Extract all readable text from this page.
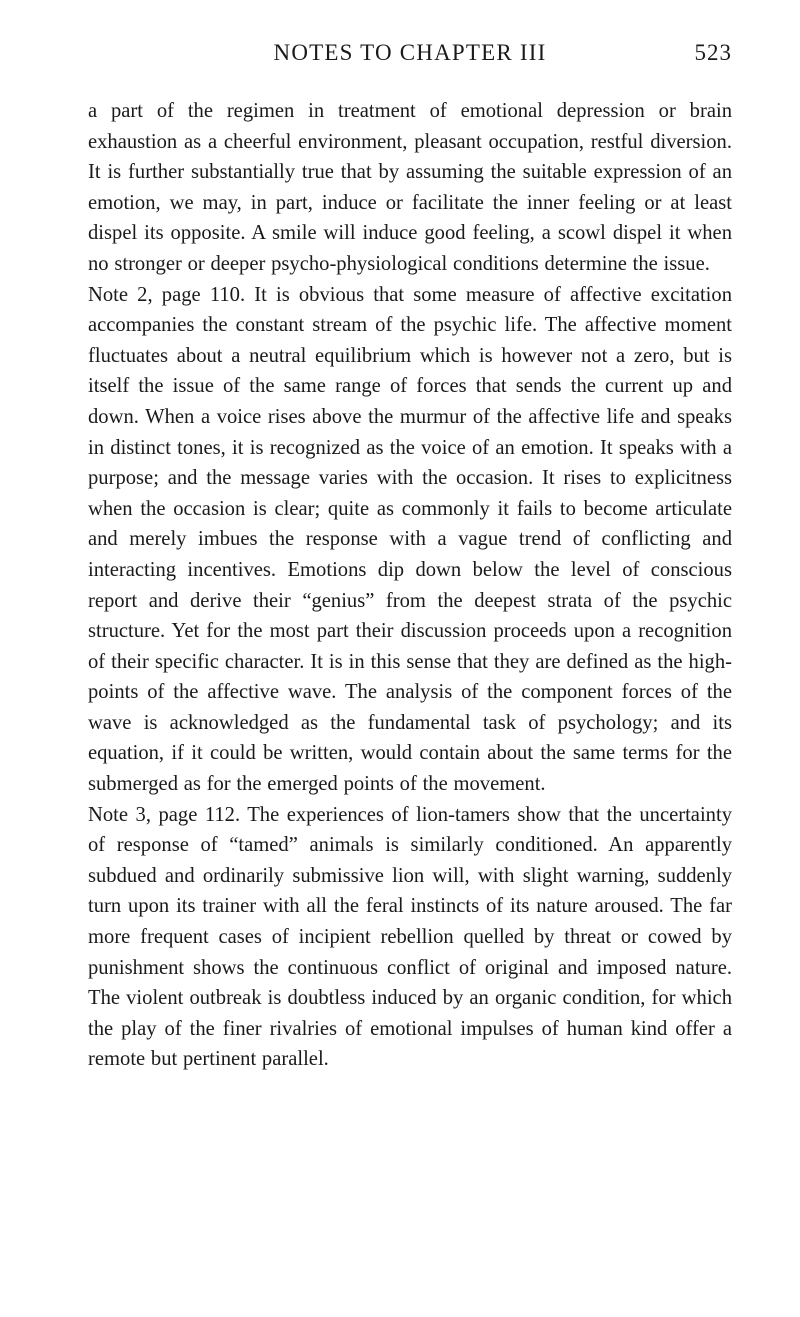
NOTES TO CHAPTER III	523

a part of the regimen in treatment of emotional depression or brain exhaustion as a cheerful environment, pleasant occupation, restful diversion. It is further substantially true that by assuming the suitable expression of an emotion, we may, in part, induce or facilitate the inner feeling or at least dispel its opposite. A smile will induce good feeling, a scowl dispel it when no stronger or deeper psycho-physiological conditions determine the issue.

Note 2, page 110. It is obvious that some measure of affective excitation accompanies the constant stream of the psychic life. The affective moment fluctuates about a neutral equilibrium which is however not a zero, but is itself the issue of the same range of forces that sends the current up and down. When a voice rises above the murmur of the affective life and speaks in distinct tones, it is recognized as the voice of an emotion. It speaks with a purpose; and the message varies with the occasion. It rises to explicitness when the occasion is clear; quite as commonly it fails to become articulate and merely imbues the response with a vague trend of conflicting and interacting incentives. Emotions dip down below the level of conscious report and derive their “genius” from the deepest strata of the psychic structure. Yet for the most part their discussion proceeds upon a recognition of their specific character. It is in this sense that they are defined as the high-points of the affective wave. The analysis of the component forces of the wave is acknowledged as the fundamental task of psychology; and its equation, if it could be written, would contain about the same terms for the submerged as for the emerged points of the movement.

Note 3, page 112. The experiences of lion-tamers show that the uncertainty of response of “tamed” animals is similarly conditioned. An apparently subdued and ordinarily submissive lion will, with slight warning, suddenly turn upon its trainer with all the feral instincts of its nature aroused. The far more frequent cases of incipient rebellion quelled by threat or cowed by punishment shows the continuous conflict of original and imposed nature. The violent outbreak is doubtless induced by an organic condition, for which the play of the finer rivalries of emotional impulses of human kind offer a remote but pertinent parallel.
